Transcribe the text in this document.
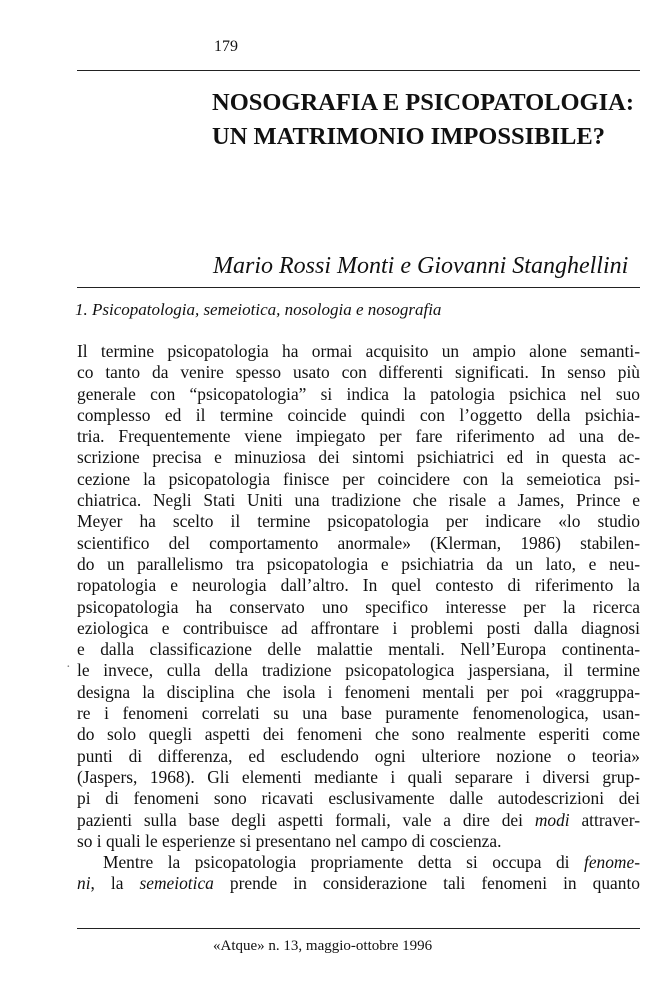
179
NOSOGRAFIA E PSICOPATOLOGIA:
UN MATRIMONIO IMPOSSIBILE?
Mario Rossi Monti e Giovanni Stanghellini
1. Psicopatologia, semeiotica, nosologia e nosografia
·
Il termine psicopatologia ha ormai acquisito un ampio alone semanti-
co tanto da venire spesso usato con differenti significati. In senso più
generale con “psicopatologia” si indica la patologia psichica nel suo
complesso ed il termine coincide quindi con l’oggetto della psichia-
tria. Frequentemente viene impiegato per fare riferimento ad una de-
scrizione precisa e minuziosa dei sintomi psichiatrici ed in questa ac-
cezione la psicopatologia finisce per coincidere con la semeiotica psi-
chiatrica. Negli Stati Uniti una tradizione che risale a James, Prince e
Meyer ha scelto il termine psicopatologia per indicare «lo studio
scientifico del comportamento anormale» (Klerman, 1986) stabilen-
do un parallelismo tra psicopatologia e psichiatria da un lato, e neu-
ropatologia e neurologia dall’altro. In quel contesto di riferimento la
psicopatologia ha conservato uno specifico interesse per la ricerca
eziologica e contribuisce ad affrontare i problemi posti dalla diagnosi
e dalla classificazione delle malattie mentali. Nell’Europa continenta-
le invece, culla della tradizione psicopatologica jaspersiana, il termine
designa la disciplina che isola i fenomeni mentali per poi «raggruppa-
re i fenomeni correlati su una base puramente fenomenologica, usan-
do solo quegli aspetti dei fenomeni che sono realmente esperiti come
punti di differenza, ed escludendo ogni ulteriore nozione o teoria»
(Jaspers, 1968). Gli elementi mediante i quali separare i diversi grup-
pi di fenomeni sono ricavati esclusivamente dalle autodescrizioni dei
pazienti sulla base degli aspetti formali, vale a dire dei modi attraver-
so i quali le esperienze si presentano nel campo di coscienza.
Mentre la psicopatologia propriamente detta si occupa di fenome-
ni, la semeiotica prende in considerazione tali fenomeni in quanto
«Atque» n. 13, maggio-ottobre 1996
